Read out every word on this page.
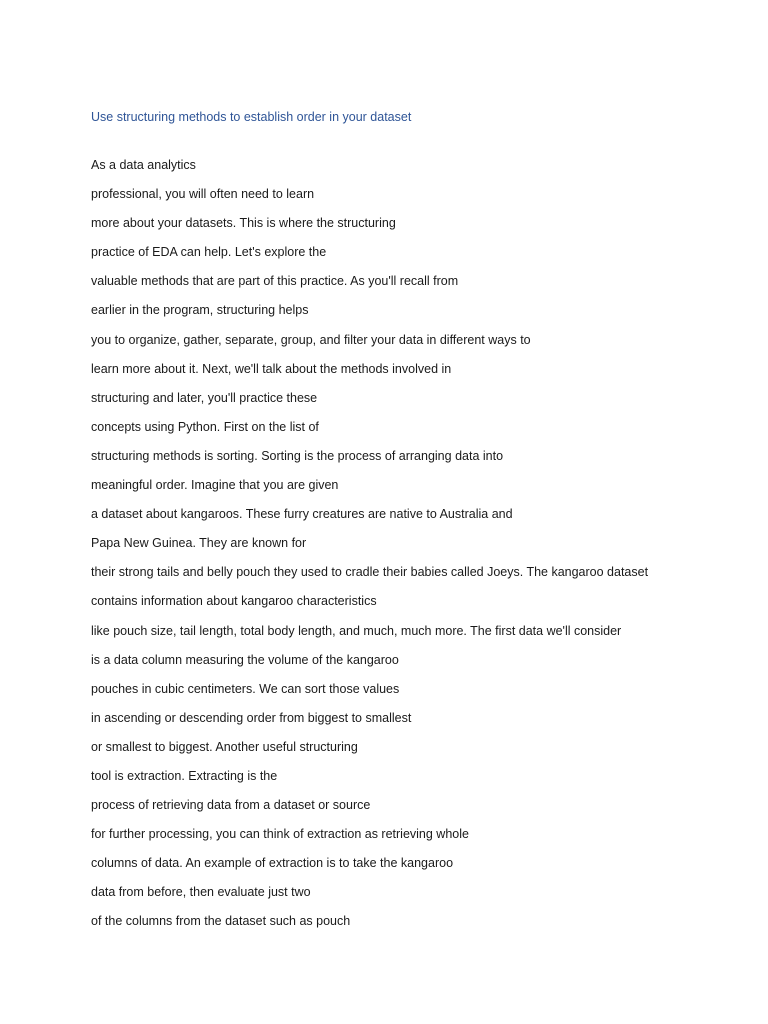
Use structuring methods to establish order in your dataset
As a data analytics
professional, you will often need to learn
more about your datasets. This is where the structuring
practice of EDA can help. Let's explore the
valuable methods that are part of this practice. As you'll recall from
earlier in the program, structuring helps
you to organize, gather, separate, group, and filter your data in different ways to
learn more about it. Next, we'll talk about the methods involved in
structuring and later, you'll practice these
concepts using Python. First on the list of
structuring methods is sorting. Sorting is the process of arranging data into
meaningful order. Imagine that you are given
a dataset about kangaroos. These furry creatures are native to Australia and
Papa New Guinea. They are known for
their strong tails and belly pouch they used to cradle their babies called Joeys. The kangaroo dataset
contains information about kangaroo characteristics
like pouch size, tail length, total body length, and much, much more. The first data we'll consider
is a data column measuring the volume of the kangaroo
pouches in cubic centimeters. We can sort those values
in ascending or descending order from biggest to smallest
or smallest to biggest. Another useful structuring
tool is extraction. Extracting is the
process of retrieving data from a dataset or source
for further processing, you can think of extraction as retrieving whole
columns of data. An example of extraction is to take the kangaroo
data from before, then evaluate just two
of the columns from the dataset such as pouch
